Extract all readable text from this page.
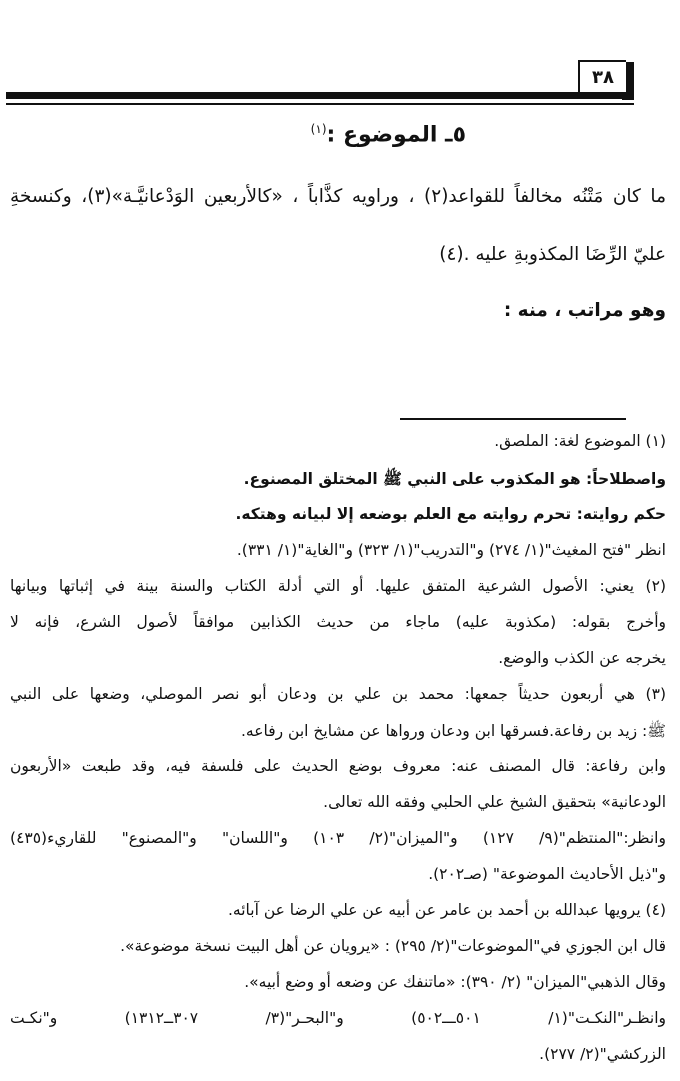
٣٨
٥ـ الموضوع :$^{(١)}$
ما كان مَتْنُه مخالفاً للقواعد(٢) ، وراويه كذَّاباً ، «كالأربعين الوَدْعانيَّـة»(٣)، وكنسخةِ
عليّ الرِّضَا المكذوبةِ عليه .(٤)
وهو مراتب ، منه :
(١) الموضوع لغة: الملصق.
واصطلاحاً: هو المكذوب على النبي ﷺ المختلق المصنوع.
حكم روايته: تحرم روايته مع العلم بوضعه إلا لبيانه وهتكه.
انظر "فتح المغيث"(١/ ٢٧٤) و"التدريب"(١/ ٣٢٣) و"الغاية"(١/ ٣٣١).
(٢) يعني: الأصول الشرعية المتفق عليها. أو التي أدلة الكتاب والسنة بينة في إثباتها وبيانها
وأخرج بقوله: (مكذوبة عليه) ماجاء من حديث الكذابين موافقاً لأصول الشرع، فإنه لا
يخرجه عن الكذب والوضع.
(٣) هي أربعون حديثاً جمعها: محمد بن علي بن ودعان أبو نصر الموصلي، وضعها على النبي
ﷺ: زيد بن رفاعة.فسرقها ابن ودعان ورواها عن مشايخ ابن رفاعه.
وابن رفاعة: قال المصنف عنه: معروف بوضع الحديث على فلسفة فيه، وقد طبعت «الأربعون
الودعانية» بتحقيق الشيخ علي الحلبي وفقه الله تعالى.
وانظر:"المنتظم"(٩/ ١٢٧) و"الميزان"(٢/ ١٠٣) و"اللسان" و"المصنوع" للقاريء(٤٣٥)
و"ذيل الأحاديث الموضوعة" (صـ٢٠٢).
(٤) يرويها عبدالله بن أحمد بن عامر عن أبيه عن علي الرضا عن آبائه.
قال ابن الجوزي في"الموضوعات"(٢/ ٢٩٥) : «يرويان عن أهل البيت نسخة موضوعة».
وقال الذهبي"الميزان" (٢/ ٣٩٠): «ماتنفك عن وضعه أو وضع أبيه».
وانظـر"النكـت"(١/ ٥٠١ـــ٥٠٢) و"البحـر"(٣/ ٣٠٧ــ١٣١٢) و"نكـت
الزركشي"(٢/ ٢٧٧).
